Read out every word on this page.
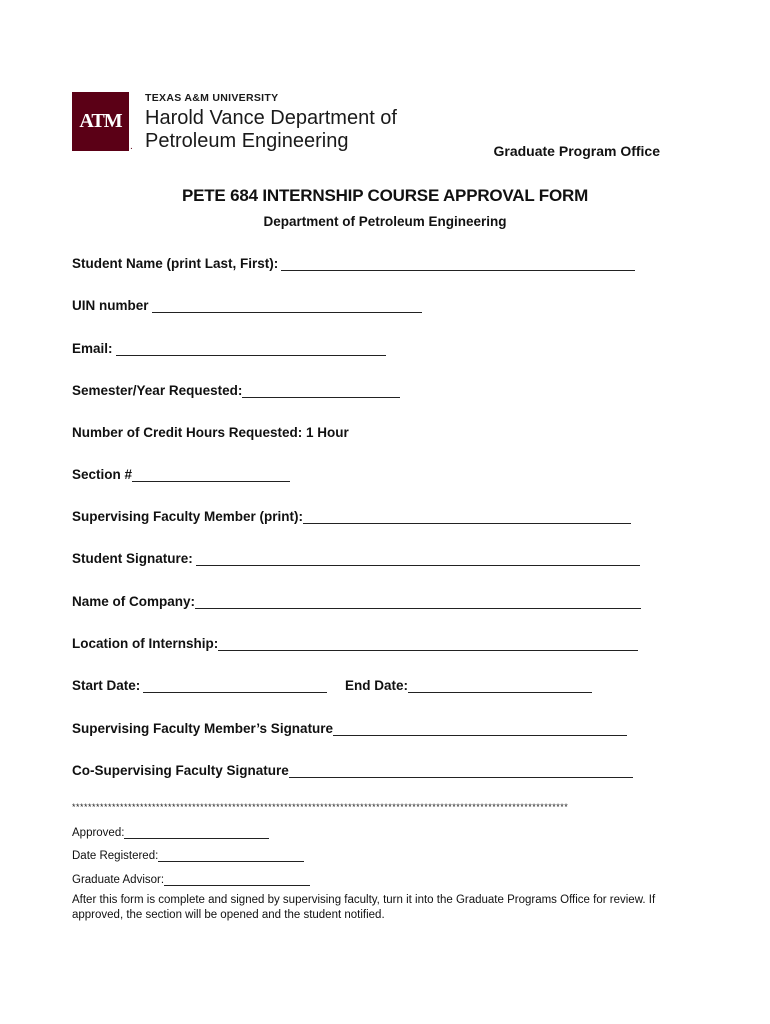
ATM
.
TEXAS A&M UNIVERSITY
Harold Vance Department of
Petroleum Engineering	Graduate Program Office
PETE 684 INTERNSHIP COURSE APPROVAL FORM
Department of Petroleum Engineering
Student Name (print Last, First):
UIN number
Email:
Semester/Year Requested:
Number of Credit Hours Requested: 1 Hour
Section #
Supervising Faculty Member (print):
Student Signature:
Name of Company:
Location of Internship:
Start Date:	End Date:
Supervising Faculty Member’s Signature
Co-Supervising Faculty Signature
****************************************************************************************************************************
Approved:
Date Registered:
Graduate Advisor:
After this form is complete and signed by supervising faculty, turn it into the Graduate Programs Office for review. If approved, the section will be opened and the student notified.
